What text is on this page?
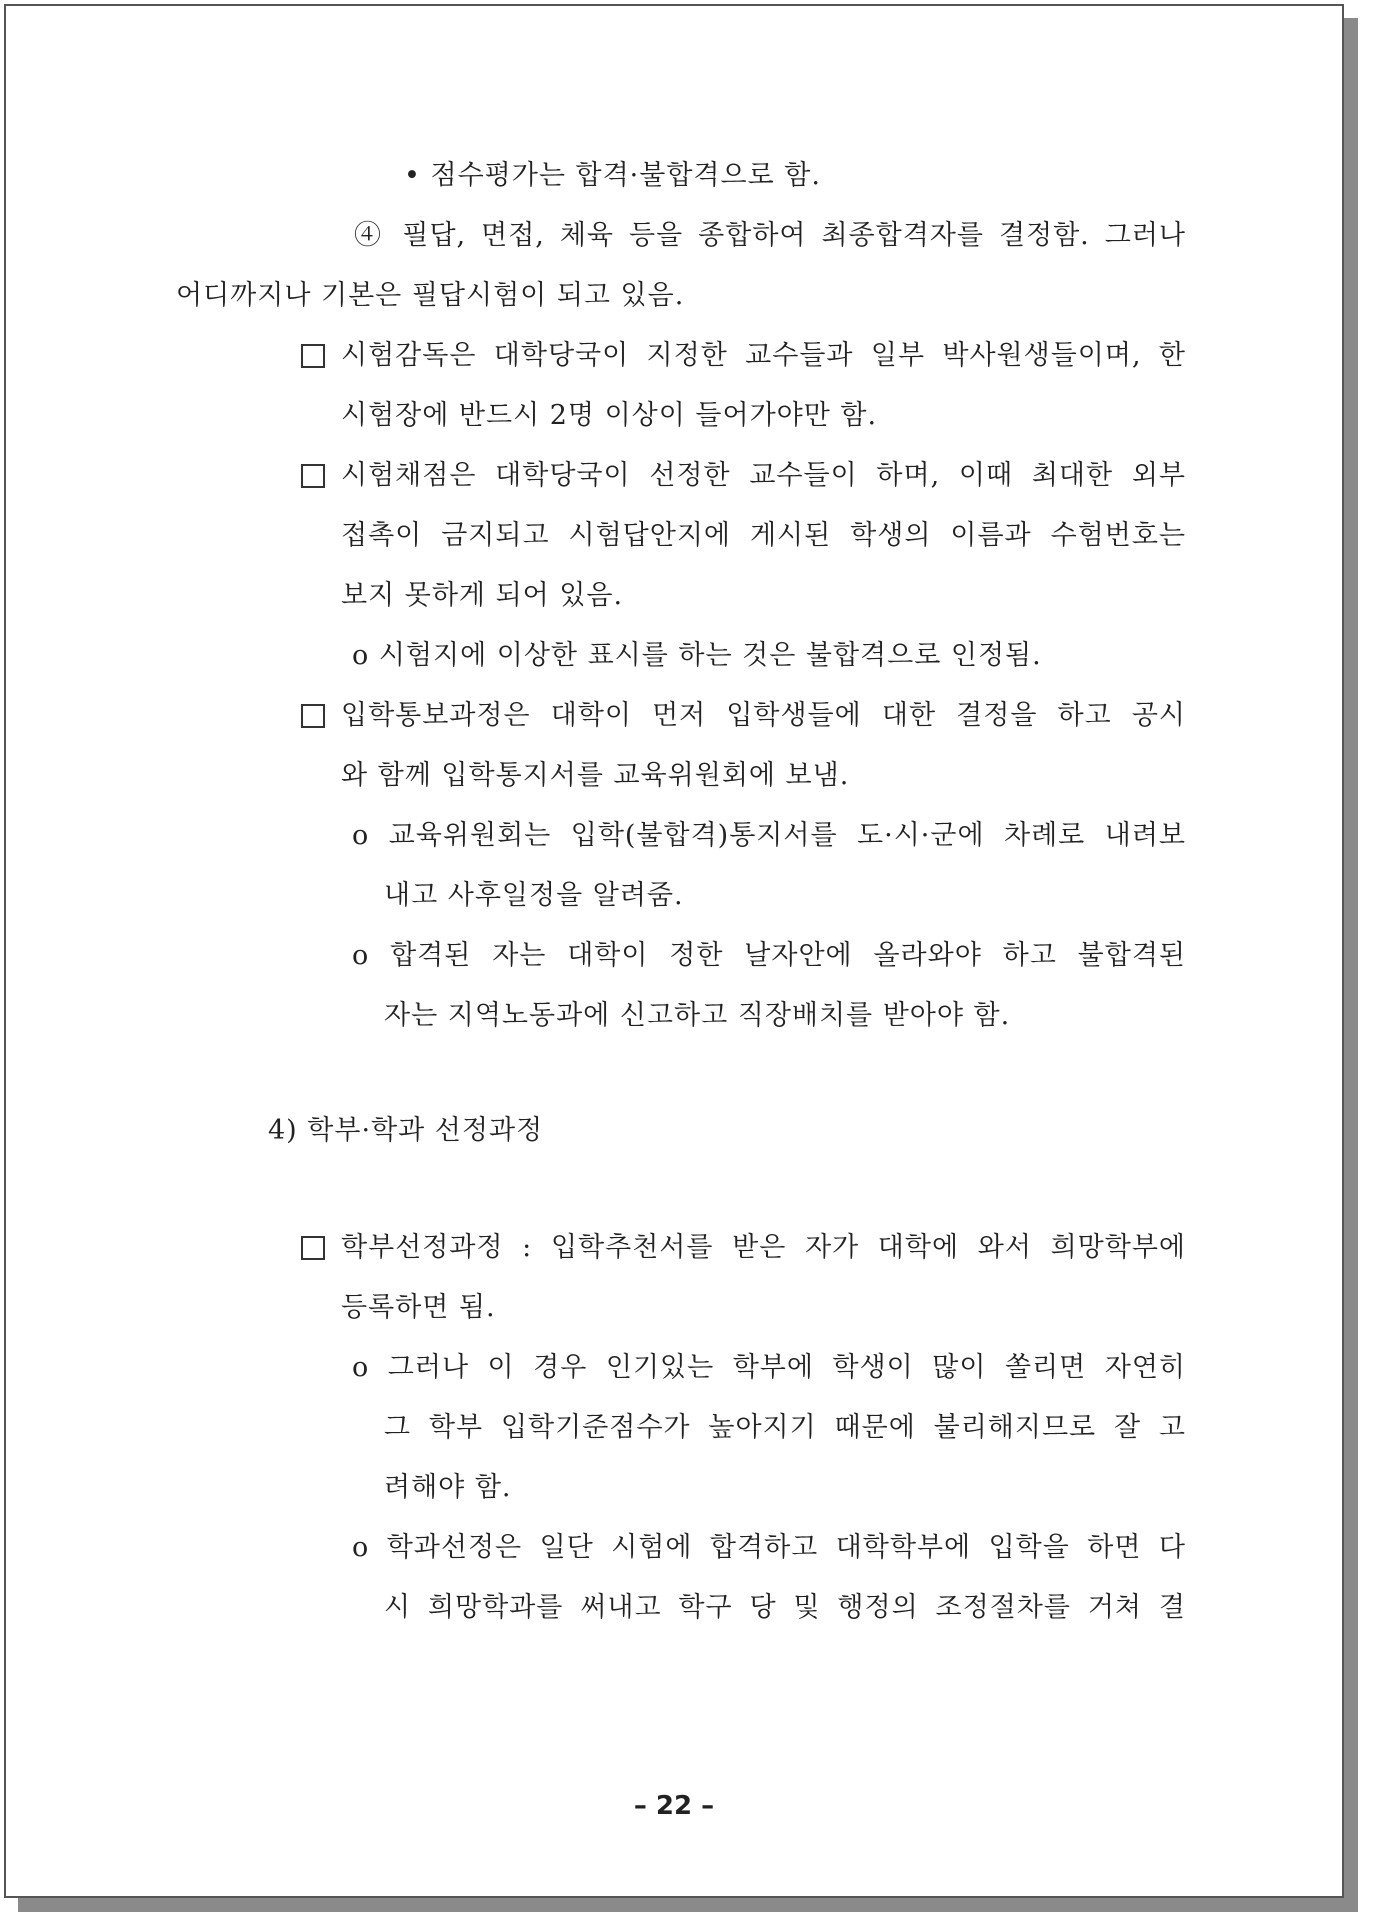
• 점수평가는 합격·불합격으로 함.
④ 필답, 면접, 체육 등을 종합하여 최종합격자를 결정함. 그러나
어디까지나 기본은 필답시험이 되고 있음.
시험감독은 대학당국이 지정한 교수들과 일부 박사원생들이며, 한
시험장에 반드시 2명 이상이 들어가야만 함.
시험채점은 대학당국이 선정한 교수들이 하며, 이때 최대한 외부
접촉이 금지되고 시험답안지에 게시된 학생의 이름과 수험번호는
보지 못하게 되어 있음.
o 시험지에 이상한 표시를 하는 것은 불합격으로 인정됨.
입학통보과정은 대학이 먼저 입학생들에 대한 결정을 하고 공시
와 함께 입학통지서를 교육위원회에 보냄.
o 교육위원회는 입학(불합격)통지서를 도·시·군에 차례로 내려보
내고 사후일정을 알려줌.
o 합격된 자는 대학이 정한 날자안에 올라와야 하고 불합격된
자는 지역노동과에 신고하고 직장배치를 받아야 함.
4) 학부·학과 선정과정
학부선정과정 : 입학추천서를 받은 자가 대학에 와서 희망학부에
등록하면 됨.
o 그러나 이 경우 인기있는 학부에 학생이 많이 쏠리면 자연히
그 학부 입학기준점수가 높아지기 때문에 불리해지므로 잘 고
려해야 함.
o 학과선정은 일단 시험에 합격하고 대학학부에 입학을 하면 다
시 희망학과를 써내고 학구 당 및 행정의 조정절차를 거쳐 결
– 22 –
